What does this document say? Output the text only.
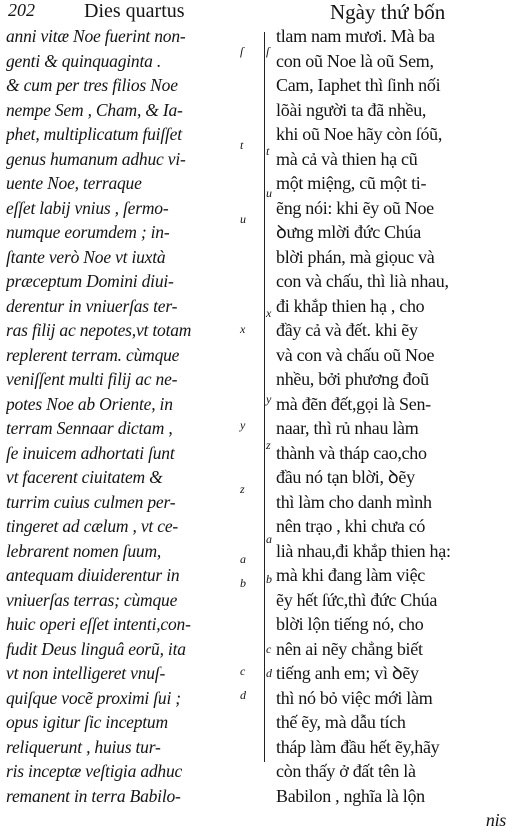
202 Dies quartus	Ngày thứ bốn
anni vitæ Noe fuerint non-
genti & quinquaginta .
& cum per tres filios Noe
nempe Sem , Cham, & Ia-
phet, multiplicatum fuiſſet
genus humanum adhuc vi-
uente Noe, terraque
eſſet labij vnius , ſermo-
numque eorumdem ; in-
ſtante verò Noe vt iuxtà
præceptum Domini diui-
derentur in vniuerſas ter-
ras filij ac nepotes,vt totam
replerent terram. cùmque
veniſſent multi filij ac ne-
potes Noe ab Oriente, in
terram Sennaar dictam ,
ſe inuicem adhortati ſunt
vt facerent ciuitatem &
turrim cuius culmen per-
tingeret ad cælum , vt ce-
lebrarent nomen ſuum,
antequam diuiderentur in
vniuerſas terras; cùmque
huic operi eſſet intenti,con-
fudit Deus linguâ eorũ, ita
vt non intelligeret vnuſ-
quiſque vocẽ proximi ſui ;
opus igitur ſic inceptum
reliquerunt , huius tur-
ris inceptæ veſtigia adhuc
remanent in terra Babilo-
ſ ſ
t t
u
u
x
x
y
y
z
z
a
a
b b
c
c
d
d
tlam nam mươi. Mà ba
con oũ Noe là oũ Sem,
Cam, Iaphet thì ſinh nối
lõài người ta đã nhều,
khi oũ Noe hãy còn ſóũ,
mà cả và thien hạ cũ
một miệng, cũ một ti-
ẽng nói: khi ẽy oũ Noe
ꝺưng mlời đức Chúa
blời phán, mà giọuc và
con và chấu, thì lià nhau,
đi khắp thien hạ , cho
đầy cả và đết. khi ẽy
và con và chấu oũ Noe
nhều, bởi phương đoũ
mà đẽn đết,gọi là Sen-
naar, thì rủ nhau làm
thành và tháp cao,cho
đầu nó tạn blời, ꝺẽy
thì làm cho danh mình
nên trạo , khi chưa có
lià nhau,đi khắp thien hạ:
mà khi đang làm việc
ẽy hết ſức,thì đức Chúa
blời lộn tiếng nó, cho
nên ai nẽy chẳng biết
tiếng anh em; vì ꝺẽy
thì nó bỏ việc mới làm
thế ẽy, mà dẫu tích
tháp làm đầu hết ẽy,hãy
còn thấy ở đất tên là
Babilon , nghĩa là lộn
nis
